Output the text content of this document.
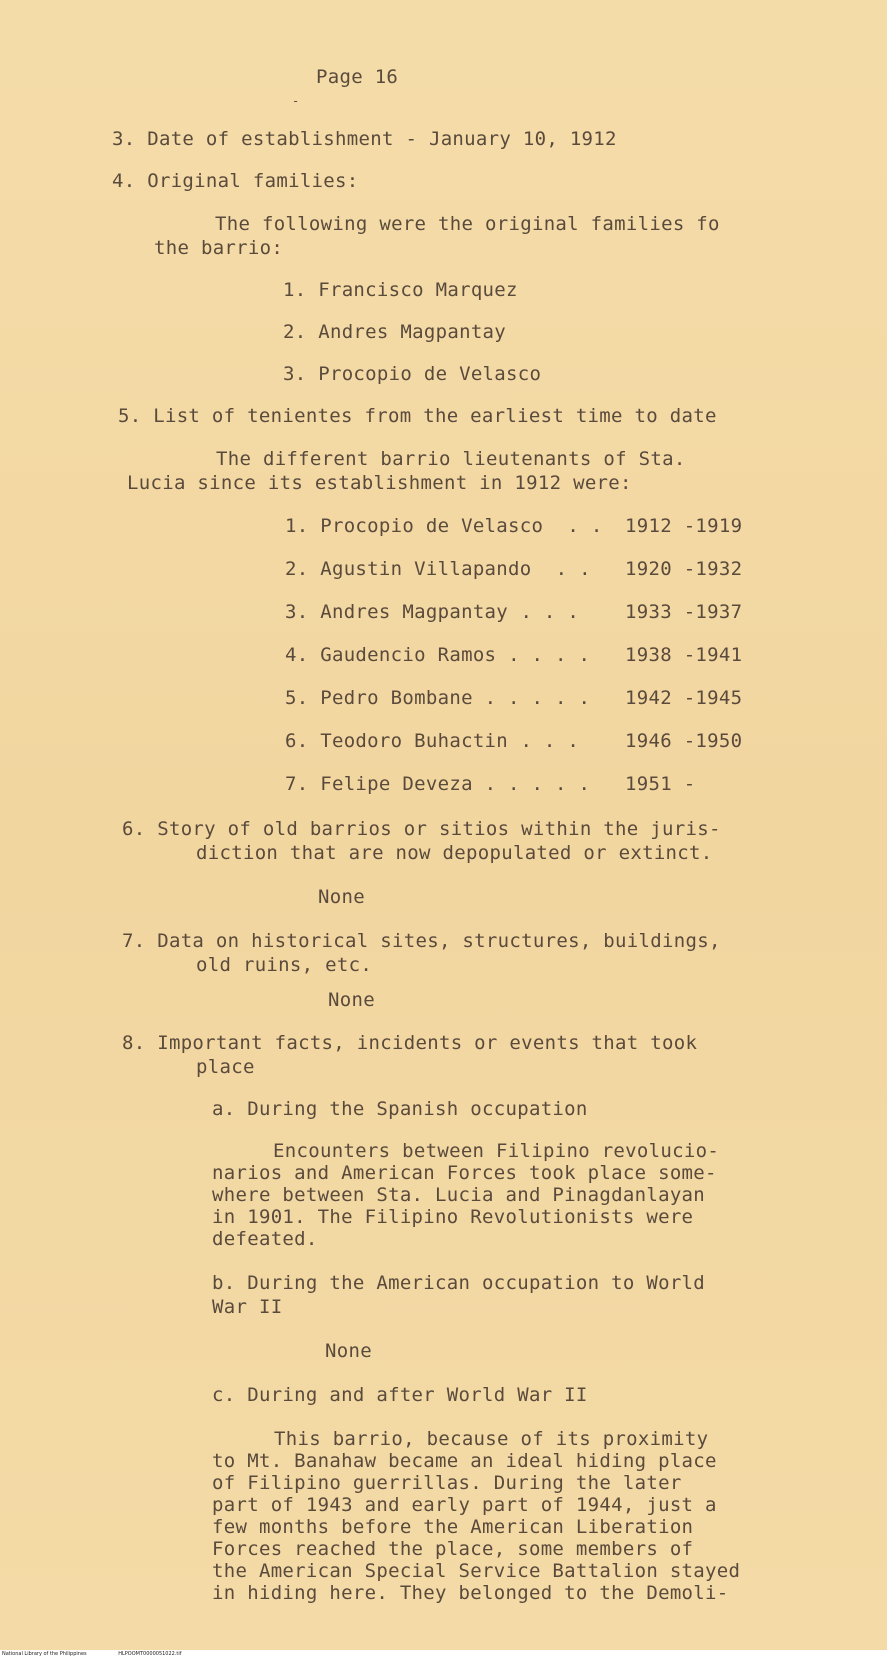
Page 16
-
3. Date of establishment - January 10, 1912
4. Original families:
The following were the original families fo
the barrio:
1. Francisco Marquez
2. Andres Magpantay
3. Procopio de Velasco
5. List of tenientes from the earliest time to date
The different barrio lieutenants of Sta.
Lucia since its establishment in 1912 were:
1. Procopio de Velasco . .	1912 -1919
2. Agustin Villapando . .	1920 -1932
3. Andres Magpantay . . . 1933 -1937
4. Gaudencio Ramos . . . . 1938 -1941
5. Pedro Bombane . . . . . 1942 -1945
6. Teodoro Buhactin . . . 1946 -1950
7. Felipe Deveza . . . . . 1951 -
6. Story of old barrios or sitios within the juris-
diction that are now depopulated or extinct.
None
7. Data on historical sites, structures, buildings,
old ruins, etc.
None
8. Important facts, incidents or events that took
place
a. During the Spanish occupation
Encounters between Filipino revolucio-
narios and American Forces took place some-
where between Sta. Lucia and Pinagdanlayan
in 1901. The Filipino Revolutionists were
defeated.
b. During the American occupation to World
War II
None
c. During and after World War II
This barrio, because of its proximity
to Mt. Banahaw became an ideal hiding place
of Filipino guerrillas. During the later
part of 1943 and early part of 1944, just a
few months before the American Liberation
Forces reached the place, some members of
the American Special Service Battalion stayed
in hiding here. They belonged to the Demoli-
National Library of the Philippines	HLPOOMT0000051022.tif
